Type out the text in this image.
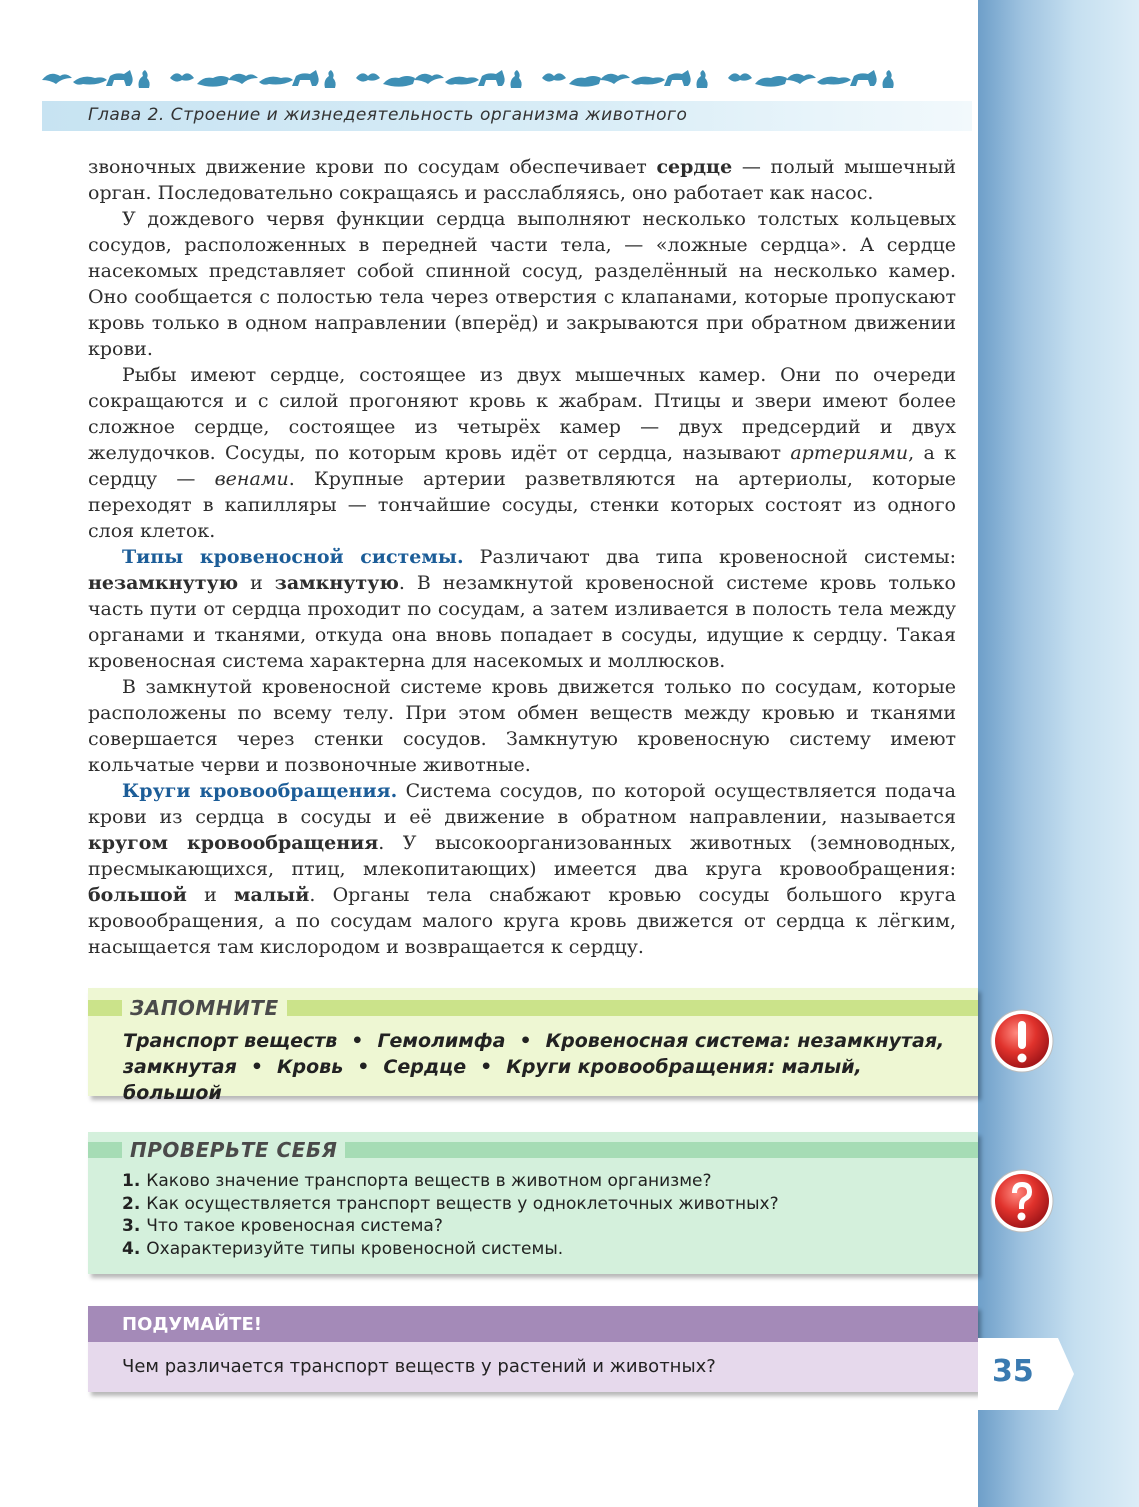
Глава 2. Строение и жизнедеятельность организма животного

звоночных движение крови по сосудам обеспечивает сердце — полый мышечный орган. Последовательно сокращаясь и расслабляясь, оно работает как насос.

У дождевого червя функции сердца выполняют несколько толстых кольцевых сосудов, расположенных в передней части тела, — «ложные сердца». А сердце насекомых представляет собой спинной сосуд, разделённый на несколько камер. Оно сообщается с полостью тела через отверстия с клапанами, которые пропускают кровь только в одном направлении (вперёд) и закрываются при обратном движении крови.

Рыбы имеют сердце, состоящее из двух мышечных камер. Они по очереди сокращаются и с силой прогоняют кровь к жабрам. Птицы и звери имеют более сложное сердце, состоящее из четырёх камер — двух предсердий и двух желудочков. Сосуды, по которым кровь идёт от сердца, называют артериями, а к сердцу — венами. Крупные артерии разветвляются на артериолы, которые переходят в капилляры — тончайшие сосуды, стенки которых состоят из одного слоя клеток.

Типы кровеносной системы. Различают два типа кровеносной системы: незамкнутую и замкнутую. В незамкнутой кровеносной системе кровь только часть пути от сердца проходит по сосудам, а затем изливается в полость тела между органами и тканями, откуда она вновь попадает в сосуды, идущие к сердцу. Такая кровеносная система характерна для насекомых и моллюсков.

В замкнутой кровеносной системе кровь движется только по сосудам, которые расположены по всему телу. При этом обмен веществ между кровью и тканями совершается через стенки сосудов. Замкнутую кровеносную систему имеют кольчатые черви и позвоночные животные.

Круги кровообращения. Система сосудов, по которой осуществляется подача крови из сердца в сосуды и её движение в обратном направлении, называется кругом кровообращения. У высокоорганизованных животных (земноводных, пресмыкающихся, птиц, млекопитающих) имеется два круга кровообращения: большой и малый. Органы тела снабжают кровью сосуды большого круга кровообращения, а по сосудам малого круга кровь движется от сердца к лёгким, насыщается там кислородом и возвращается к сердцу.

ЗАПОМНИТЕ
Транспорт веществ • Гемолимфа • Кровеносная система: незамкнутая, замкнутая • Кровь • Сердце • Круги кровообращения: малый, большой
ПРОВЕРЬТЕ СЕБЯ
1. Каково значение транспорта веществ в животном организме?
2. Как осуществляется транспорт веществ у одноклеточных животных?
3. Что такое кровеносная система?
4. Охарактеризуйте типы кровеносной системы.
ПОДУМАЙТЕ!
Чем различается транспорт веществ у растений и животных?	35
